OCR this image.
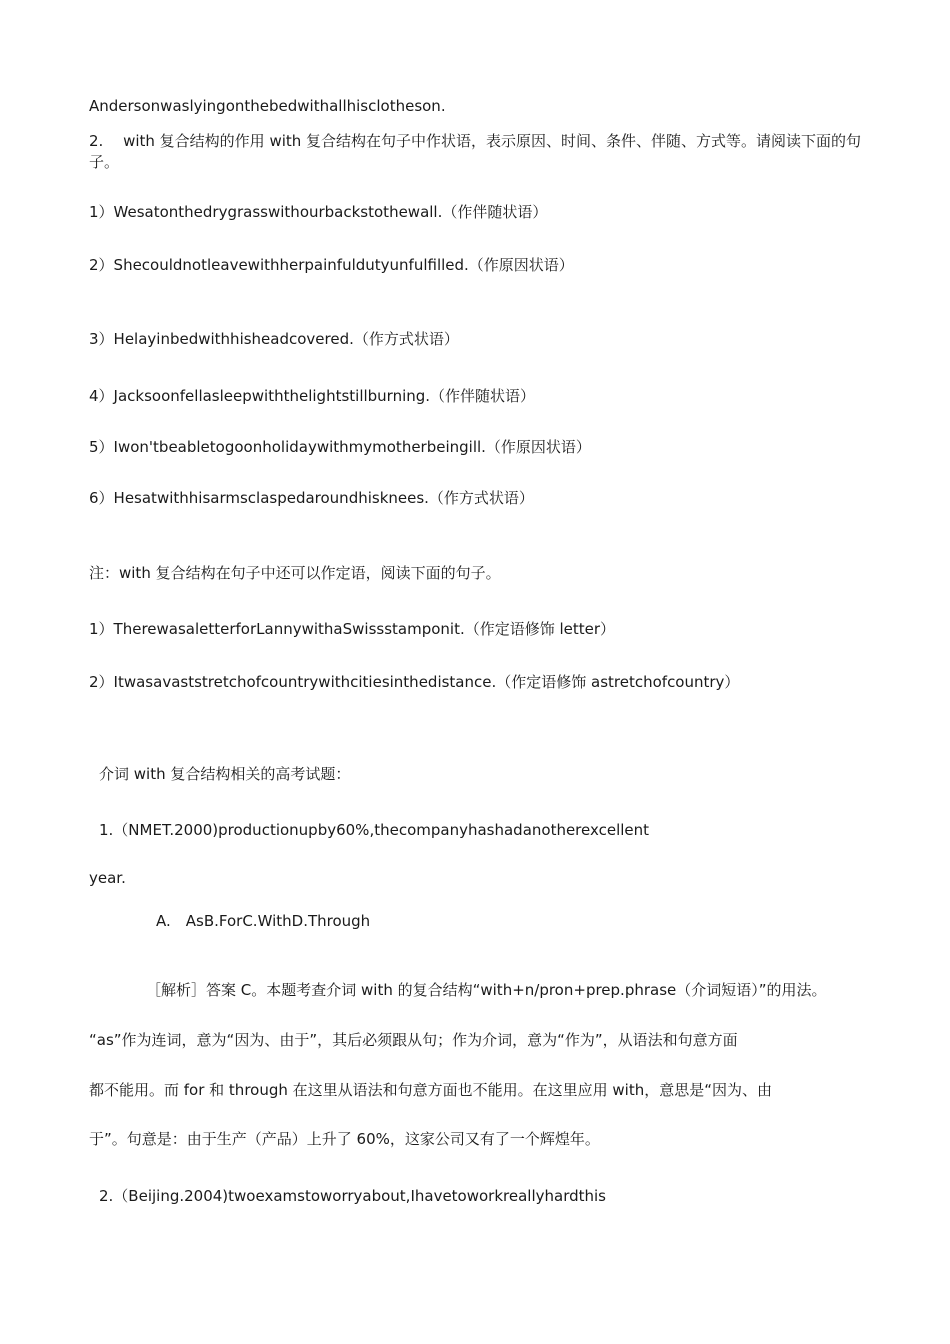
Andersonwaslyingonthebedwithallhisclotheson.
2.　 with 复合结构的作用 with 复合结构在句子中作状语，表示原因、时间、条件、伴随、方式等。请阅读下面的句子。
1）Wesatonthedrygrasswithourbackstothewall.（作伴随状语）
2）Shecouldnotleavewithherpainfuldutyunfulfilled.（作原因状语）
3）Helayinbedwithhisheadcovered.（作方式状语）
4）Jacksoonfellasleepwiththelightstillburning.（作伴随状语）
5）Iwon'tbeabletogoonholidaywithmymotherbeingill.（作原因状语）
6）Hesatwithhisarmsclaspedaroundhisknees.（作方式状语）
注：with 复合结构在句子中还可以作定语，阅读下面的句子。
1）TherewasaletterforLannywithaSwissstamponit.（作定语修饰 letter）
2）Itwasavaststretchofcountrywithcitiesinthedistance.（作定语修饰 astretchofcountry）
介词 with 复合结构相关的高考试题：
1.（NMET.2000)productionupby60%,thecompanyhashadanotherexcellent
year.
A.　AsB.ForC.WithD.Through
［解析］答案 C。本题考查介词 with 的复合结构“with+n/pron+prep.phrase（介词短语）”的用法。
“as”作为连词，意为“因为、由于”，其后必须跟从句；作为介词，意为“作为”，从语法和句意方面
都不能用。而 for 和 through 在这里从语法和句意方面也不能用。在这里应用 with，意思是“因为、由
于”。句意是：由于生产（产品）上升了 60%，这家公司又有了一个辉煌年。
2.（Beijing.2004)twoexamstoworryabout,Ihavetoworkreallyhardthis
